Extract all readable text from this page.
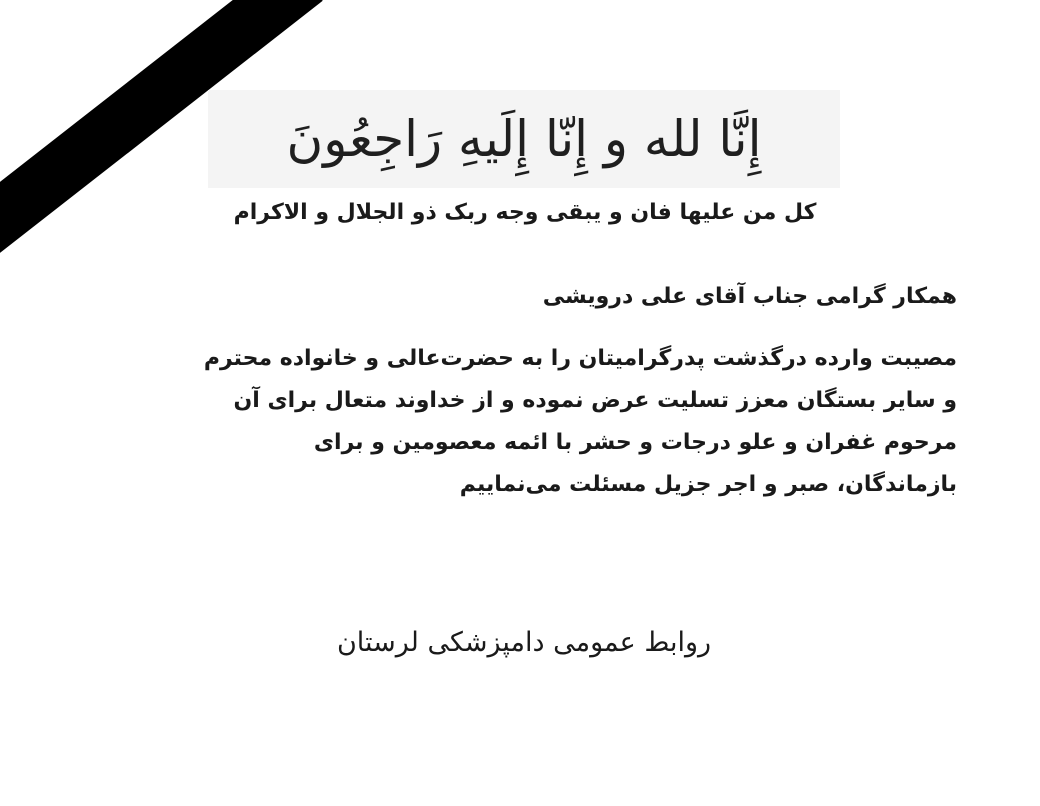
إِنَّا لله و إِنّا إِلَیهِ رَاجِعُونَ
کل من علیها فان و یبقی وجه ربک ذو الجلال و الاکرام
همکار گرامی جناب آقای علی درویشی
مصیبت وارده درگذشت پدرگرامیتان را به حضرت‌عالی و خانواده محترم
و سایر بستگان معزز تسلیت عرض نموده و از خداوند متعال برای آن
مرحوم غفران و علو درجات و حشر با ائمه معصومین و برای
بازماندگان، صبر و اجر جزیل مسئلت می‌نماییم
روابط عمومی دامپزشکی لرستان
